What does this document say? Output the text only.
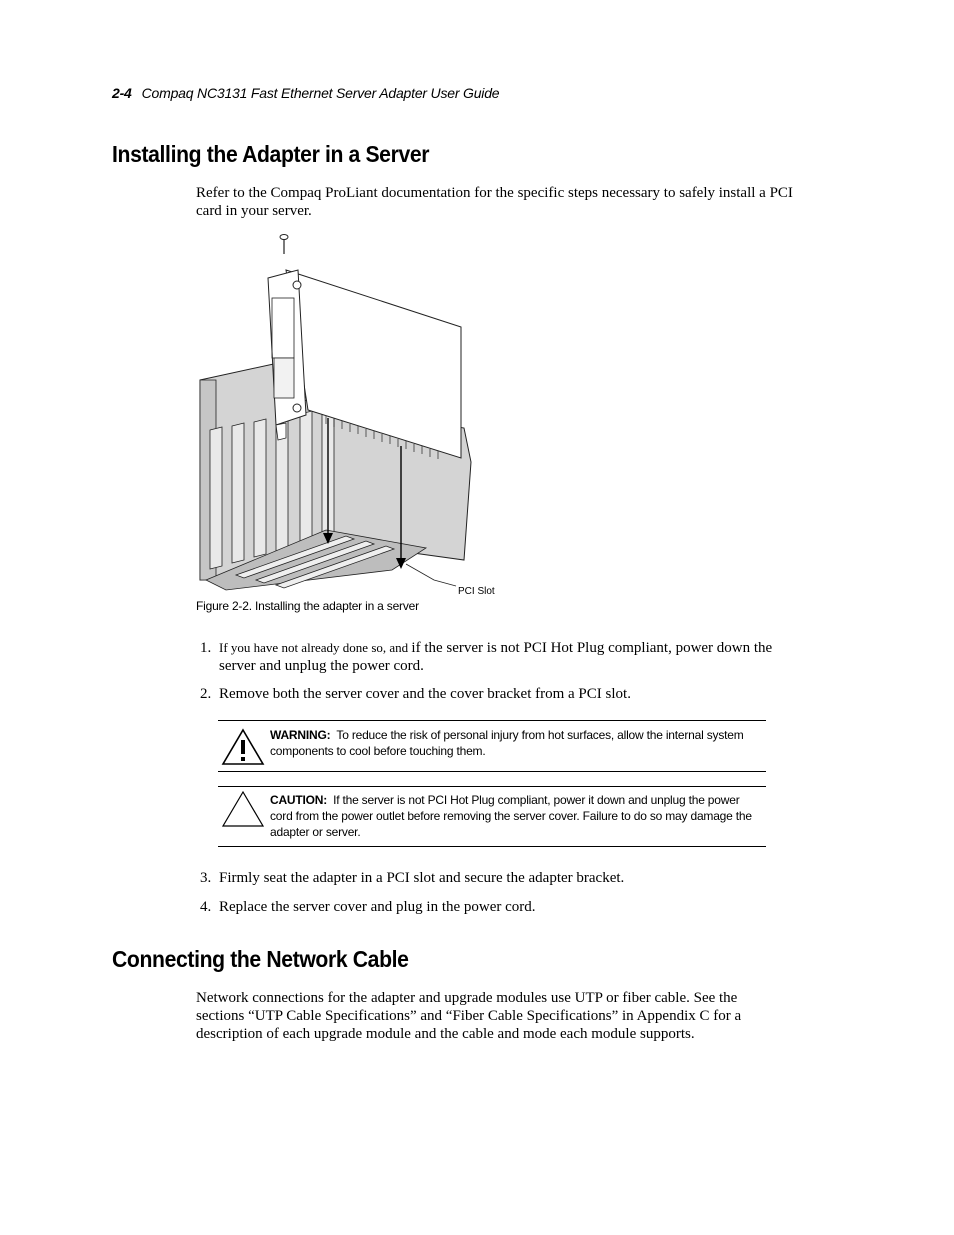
2-4 Compaq NC3131 Fast Ethernet Server Adapter User Guide
Installing the Adapter in a Server

Refer to the Compaq ProLiant documentation for the specific steps necessary to safely install a PCI card in your server.

PCI Slot
Figure 2-2. Installing the adapter in a server
1. If you have not already done so, and if the server is not PCI Hot Plug compliant, power down the server and unplug the power cord.
2. Remove both the server cover and the cover bracket from a PCI slot.
WARNING: To reduce the risk of personal injury from hot surfaces, allow the internal system components to cool before touching them.
CAUTION: If the server is not PCI Hot Plug compliant, power it down and unplug the power cord from the power outlet before removing the server cover. Failure to do so may damage the adapter or server.
3. Firmly seat the adapter in a PCI slot and secure the adapter bracket.
4. Replace the server cover and plug in the power cord.
Connecting the Network Cable

Network connections for the adapter and upgrade modules use UTP or fiber cable. See the sections “UTP Cable Specifications” and “Fiber Cable Specifications” in Appendix C for a description of each upgrade module and the cable and mode each module supports.
